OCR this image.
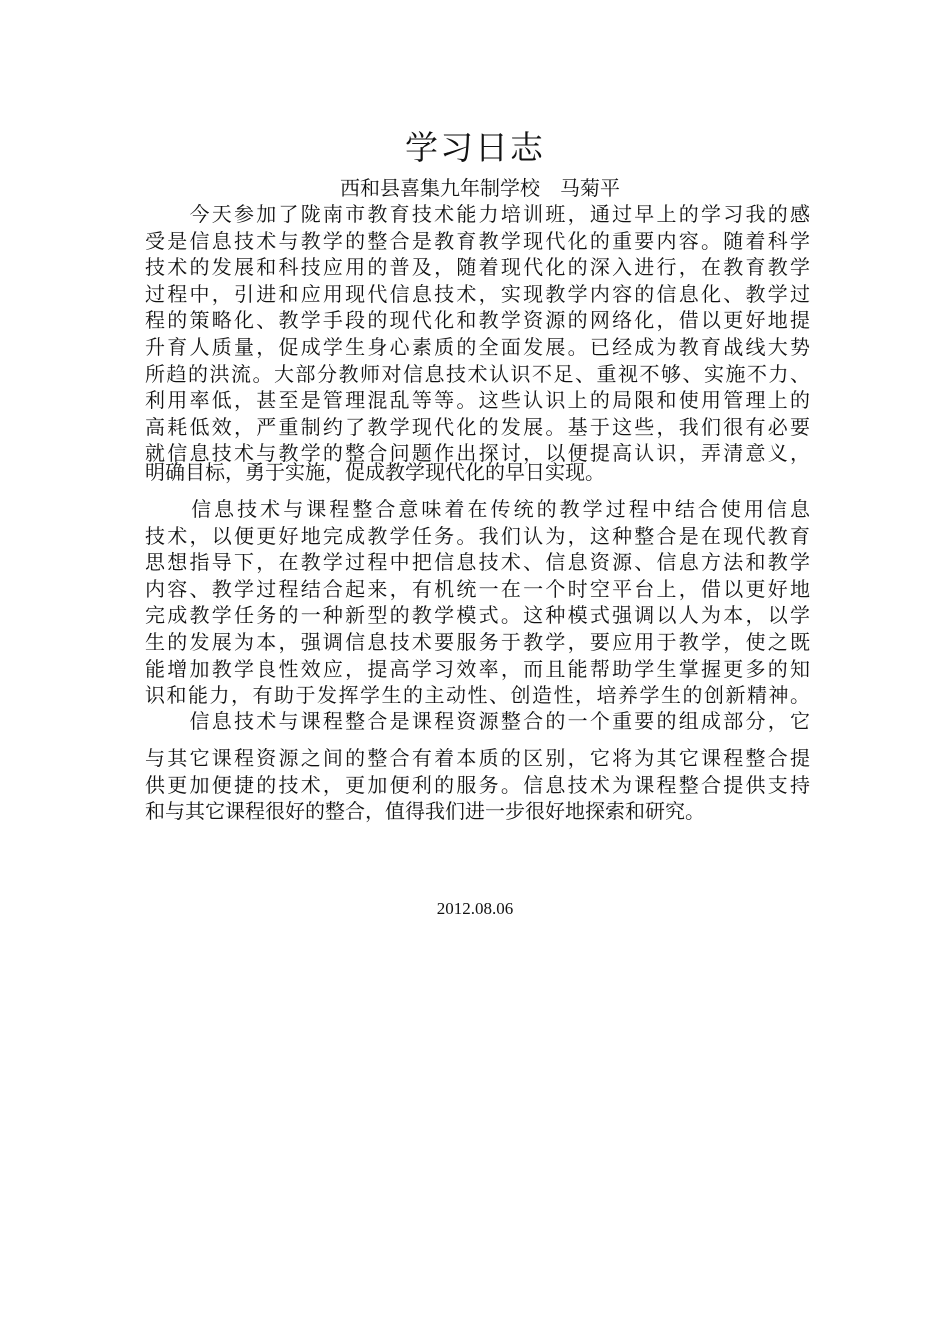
学习日志
西和县喜集九年制学校　马菊平
　　今天参加了陇南市教育技术能力培训班，通过早上的学习我的感
受是信息技术与教学的整合是教育教学现代化的重要内容。随着科学
技术的发展和科技应用的普及，随着现代化的深入进行，在教育教学
过程中，引进和应用现代信息技术，实现教学内容的信息化、教学过
程的策略化、教学手段的现代化和教学资源的网络化，借以更好地提
升育人质量，促成学生身心素质的全面发展。已经成为教育战线大势
所趋的洪流。大部分教师对信息技术认识不足、重视不够、实施不力、
利用率低，甚至是管理混乱等等。这些认识上的局限和使用管理上的
高耗低效，严重制约了教学现代化的发展。基于这些，我们很有必要
就信息技术与教学的整合问题作出探讨，以便提高认识，弄清意义，
明确目标，勇于实施，促成教学现代化的早日实现。
　　信息技术与课程整合意味着在传统的教学过程中结合使用信息
技术，以便更好地完成教学任务。我们认为，这种整合是在现代教育
思想指导下，在教学过程中把信息技术、信息资源、信息方法和教学
内容、教学过程结合起来，有机统一在一个时空平台上，借以更好地
完成教学任务的一种新型的教学模式。这种模式强调以人为本，以学
生的发展为本，强调信息技术要服务于教学，要应用于教学，使之既
能增加教学良性效应，提高学习效率，而且能帮助学生掌握更多的知
识和能力，有助于发挥学生的主动性、创造性，培养学生的创新精神。
　　信息技术与课程整合是课程资源整合的一个重要的组成部分，它
与其它课程资源之间的整合有着本质的区别，它将为其它课程整合提
供更加便捷的技术，更加便利的服务。信息技术为课程整合提供支持
和与其它课程很好的整合，值得我们进一步很好地探索和研究。
2012.08.06
